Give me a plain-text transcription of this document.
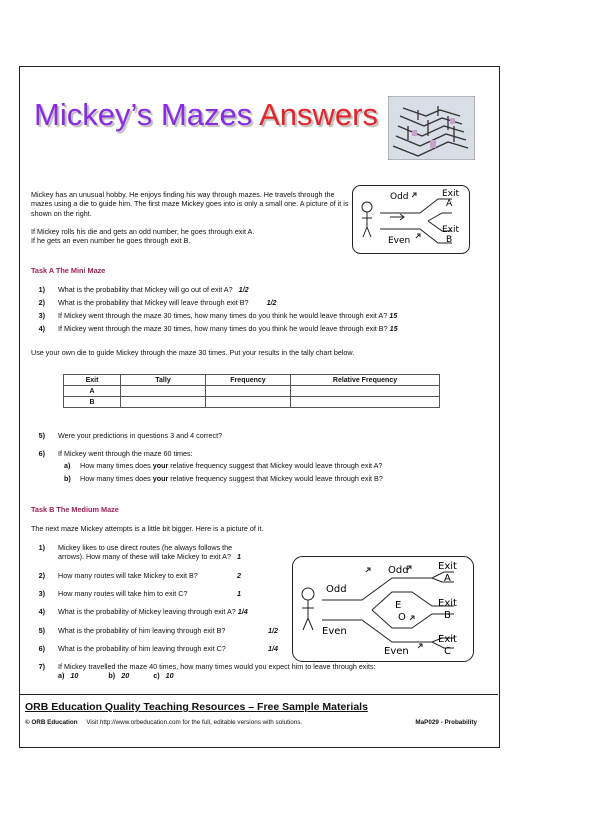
Mickey’s Mazes Answers
Mickey has an unusual hobby. He enjoys finding his way through mazes. He travels through the mazes using a die to guide him. The first maze Mickey goes into is only a small one. A picture of it is shown on the right.
If Mickey rolls his die and gets an odd number, he goes through exit A.
If he gets an even number he goes through exit B.
Odd
Even
Exit
A
Exit
B
Task A The Mini Maze
1) What is the probability that Mickey will go out of exit A? 1/2
2) What is the probability that Mickey will leave through exit B?	1/2
3) If Mickey went through the maze 30 times, how many times do you think he would leave through exit A? 15
4) If Mickey went through the maze 30 times, how many times do you think he would leave through exit B? 15
Use your own die to guide Mickey through the maze 30 times. Put your results in the tally chart below.
Exit	Tally	Frequency	Relative Frequency
A			
B			
5) Were your predictions in questions 3 and 4 correct?
6) If Mickey went through the maze 60 times:
a) How many times does your relative frequency suggest that Mickey would leave through exit A?
b) How many times does your relative frequency suggest that Mickey would leave through exit B?
Task B The Medium Maze
The next maze Mickey attempts is a little bit bigger. Here is a picture of it.
1) Mickey likes to use direct routes (he always follows the
arrows). How many of these will take Mickey to exit A? 1
2) How many routes will take Mickey to exit B?	2
3) How many routes will take him to exit C?	1
4) What is the probability of Mickey leaving through exit A? 1/4
5) What is the probability of him leaving through exit B?	1/2
6) What is the probability of him leaving through exit C?	1/4
7) If Mickey travelled the maze 40 times, how many times would you expect him to leave through exits:
a) 10	b) 20	c) 10
Odd
Odd
Even
Even
E
O
Exit
A
Exit
B
Exit
C
ORB Education Quality Teaching Resources – Free Sample Materials
© ORB Education Visit http://www.orbeducation.com for the full, editable versions with solutions.	MaP029 - Probability
